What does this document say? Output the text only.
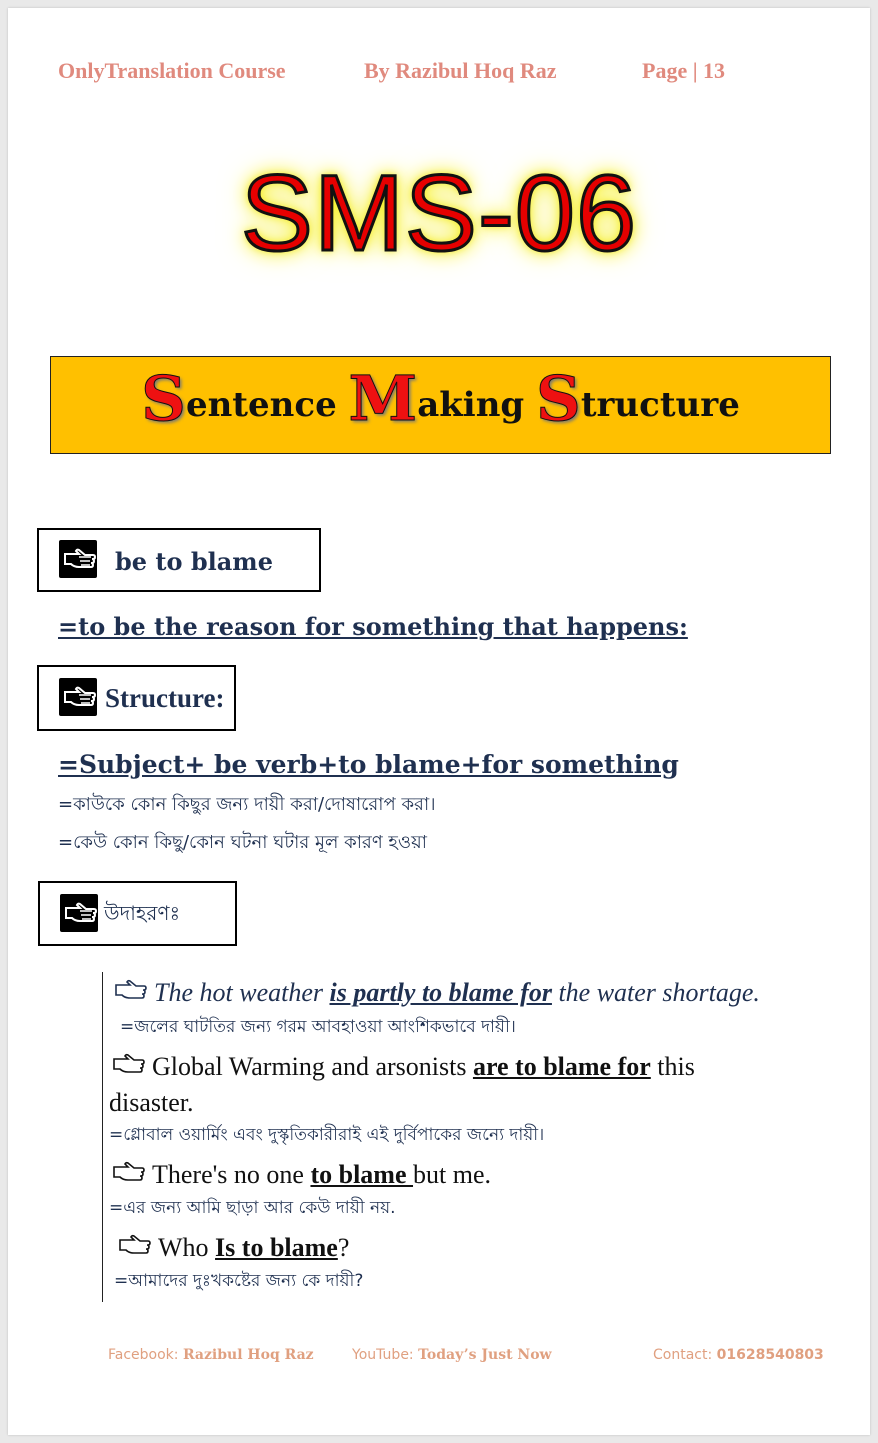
OnlyTranslation Course	By Razibul Hoq Raz	Page | 13
SMS-06
Sentence Making Structure
be to blame
=to be the reason for something that happens:
Structure:
=Subject+ be verb+to blame+for something
=কাউকে কোন কিছুর জন্য দায়ী করা/দোষারোপ করা।
=কেউ কোন কিছু/কোন ঘটনা ঘটার মূল কারণ হওয়া
উদাহরণঃ
The hot weather is partly to blame for the water shortage.
=জলের ঘাটতির জন্য গরম আবহাওয়া আংশিকভাবে দায়ী।
Global Warming and arsonists are to blame for this
disaster.
=গ্লোবাল ওয়ার্মিং এবং দুস্কৃতিকারীরাই এই দুর্বিপাকের জন্যে দায়ী।
There's no one to blame but me.
=এর জন্য আমি ছাড়া আর কেউ দায়ী নয়.
Who Is to blame?
=আমাদের দুঃখকষ্টের জন্য কে দায়ী?
Facebook: Razibul Hoq Raz	YouTube: Today’s Just Now	Contact: 01628540803
